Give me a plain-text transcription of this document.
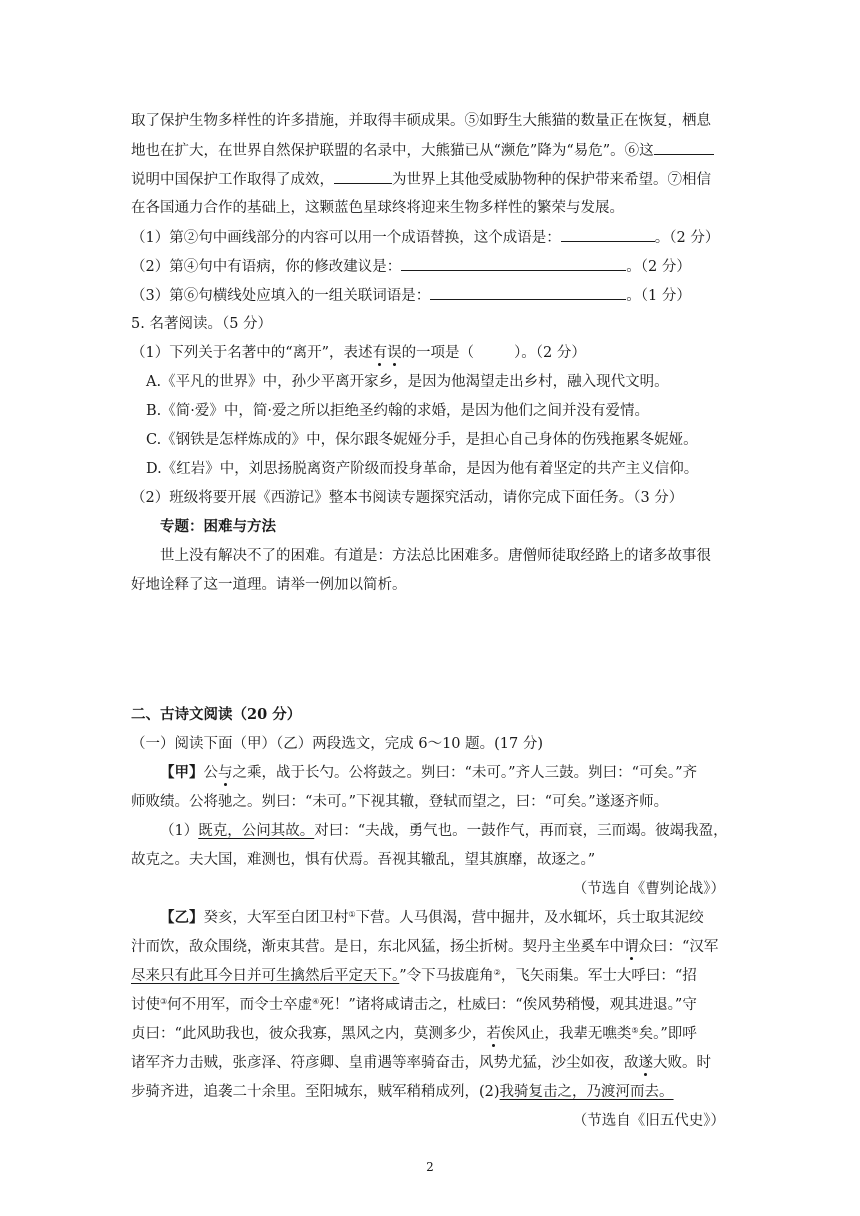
取了保护生物多样性的许多措施，并取得丰硕成果。⑤如野生大熊猫的数量正在恢复，栖息
地也在扩大，在世界自然保护联盟的名录中，大熊猫已从“濒危”降为“易危”。⑥这
说明中国保护工作取得了成效，	为世界上其他受威胁物种的保护带来希望。⑦相信
在各国通力合作的基础上，这颗蓝色星球终将迎来生物多样性的繁荣与发展。
（1）第②句中画线部分的内容可以用一个成语替换，这个成语是：	。（2 分）
（2）第④句中有语病，你的修改建议是：	。（2 分）
（3）第⑥句横线处应填入的一组关联词语是：	。（1 分）
5. 名著阅读。（5 分）
（1）下列关于名著中的“离开”，表述有误的一项是（	）。（2 分）
A.《平凡的世界》中，孙少平离开家乡，是因为他渴望走出乡村，融入现代文明。
B.《简·爱》中，简·爱之所以拒绝圣约翰的求婚，是因为他们之间并没有爱情。
C.《钢铁是怎样炼成的》中，保尔跟冬妮娅分手，是担心自己身体的伤残拖累冬妮娅。
D.《红岩》中，刘思扬脱离资产阶级而投身革命，是因为他有着坚定的共产主义信仰。
（2）班级将要开展《西游记》整本书阅读专题探究活动，请你完成下面任务。（3 分）
专题：困难与方法
世上没有解决不了的困难。有道是：方法总比困难多。唐僧师徒取经路上的诸多故事很
好地诠释了这一道理。请举一例加以简析。
二、古诗文阅读（20 分）
（一）阅读下面（甲）（乙）两段选文，完成 6～10 题。(17 分)
【甲】公与之乘，战于长勺。公将鼓之。刿曰：“未可。”齐人三鼓。刿曰：“可矣。”齐
师败绩。公将驰之。刿曰：“未可。”下视其辙，登轼而望之，曰：“可矣。”遂逐齐师。
（1）既克，公问其故。对曰：“夫战，勇气也。一鼓作气，再而衰，三而竭。彼竭我盈，
故克之。夫大国，难测也，惧有伏焉。吾视其辙乱，望其旗靡，故逐之。”
（节选自《曹刿论战》）
【乙】癸亥，大军至白团卫村①下营。人马俱渴，营中掘井，及水辄坏，兵士取其泥绞
汁而饮，敌众围绕，渐束其营。是日，东北风猛，扬尘折树。契丹主坐奚车中谓众曰：“汉军
尽来只有此耳今日并可生擒然后平定天下。”令下马拔鹿角②，飞矢雨集。军士大呼曰：“招
讨使③何不用军，而令士卒虚④死！”诸将咸请击之，杜威曰：“俟风势稍慢，观其进退。”守
贞曰：“此风助我也，彼众我寡，黑风之内，莫测多少，若俟风止，我辈无噍类⑤矣。”即呼
诸军齐力击贼，张彦泽、符彦卿、皇甫遇等率骑奋击，风势尤猛，沙尘如夜，敌遂大败。时
步骑齐进，追袭二十余里。至阳城东，贼军稍稍成列，(2)我骑复击之，乃渡河而去。
（节选自《旧五代史》）
2
